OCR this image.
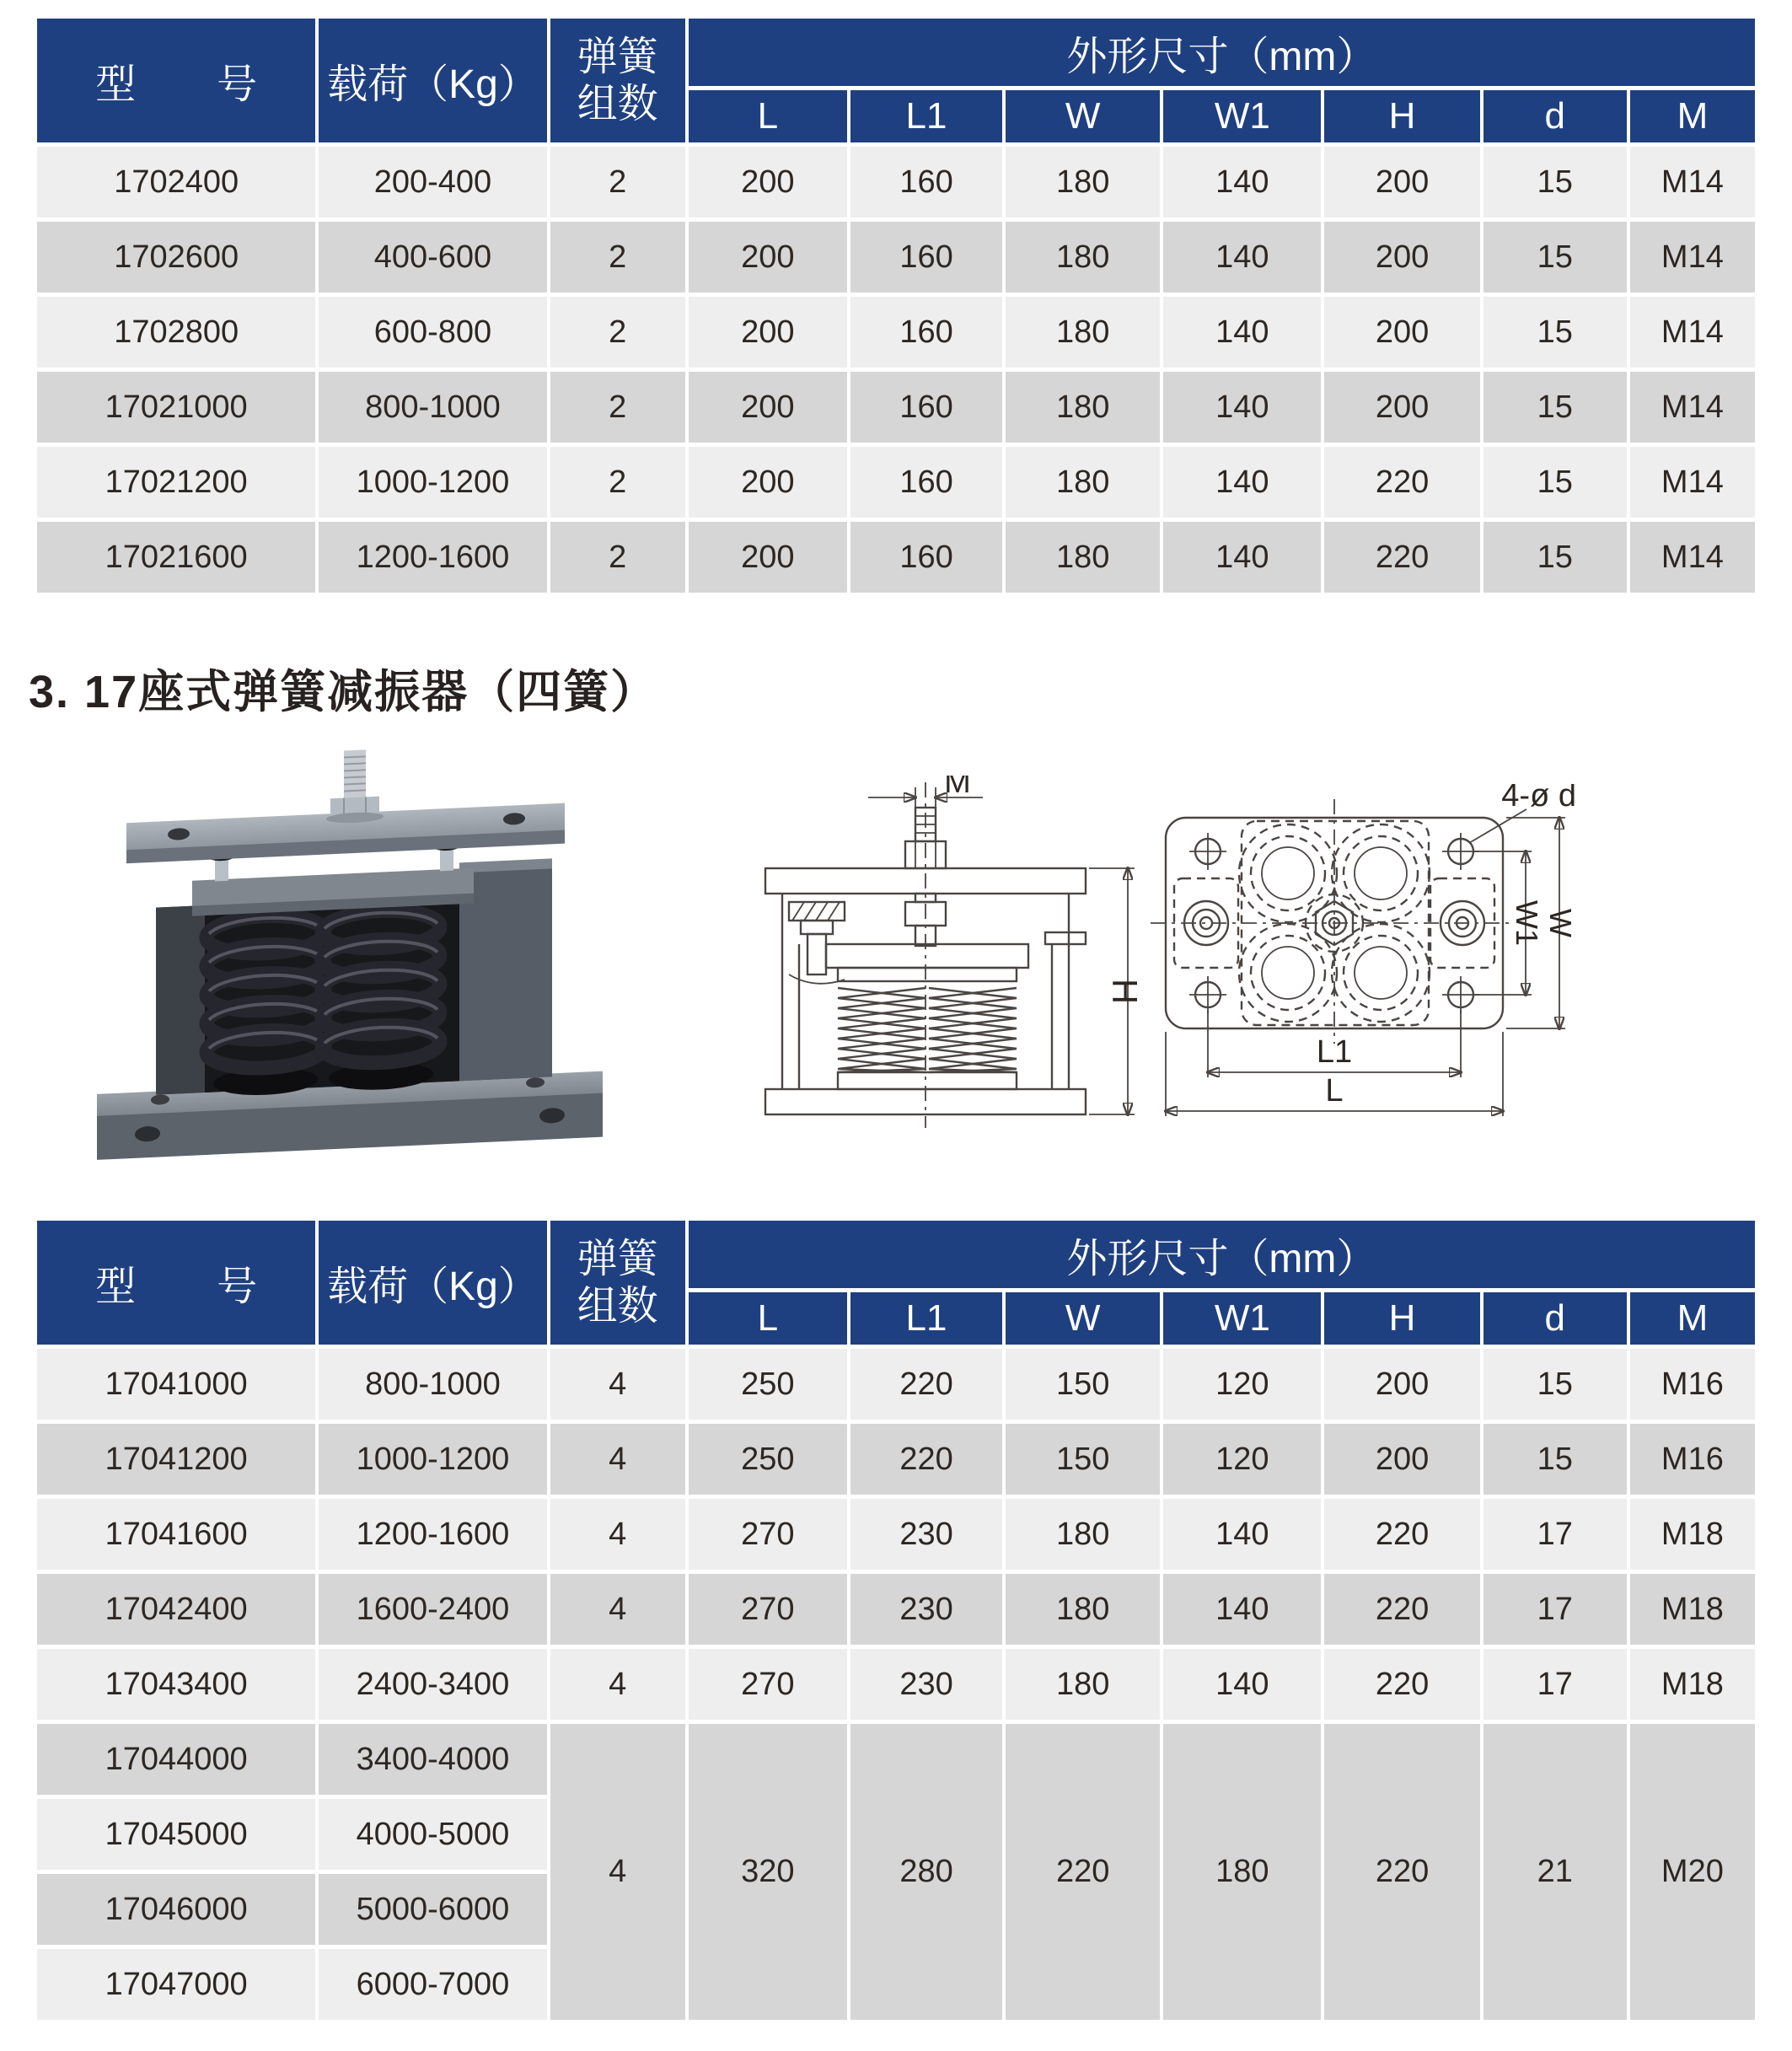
型　　号	载荷（Kg）	弹簧
组数	外形尺寸（mm）						
			L	L1	W	W1	H	d	M
1702400	200-400	2	200	160	180	140	200	15	M14
1702600	400-600	2	200	160	180	140	200	15	M14
1702800	600-800	2	200	160	180	140	200	15	M14
17021000	800-1000	2	200	160	180	140	200	15	M14
17021200	1000-1200	2	200	160	180	140	220	15	M14
17021600	1200-1600	2	200	160	180	140	220	15	M14
3. 17座式弹簧减振器（四簧）
M
H
4-ø d
W1 W
L1
L
型　　号	载荷（Kg）	弹簧
组数	外形尺寸（mm）						
			L	L1	W	W1	H	d	M
17041000	800-1000	4	250	220	150	120	200	15	M16
17041200	1000-1200	4	250	220	150	120	200	15	M16
17041600	1200-1600	4	270	230	180	140	220	17	M18
17042400	1600-2400	4	270	230	180	140	220	17	M18
17043400	2400-3400	4	270	230	180	140	220	17	M18
17044000	3400-4000	4	320	280	220	180	220	21	M20
17045000	4000-5000								
17046000	5000-6000								
17047000	6000-7000								
